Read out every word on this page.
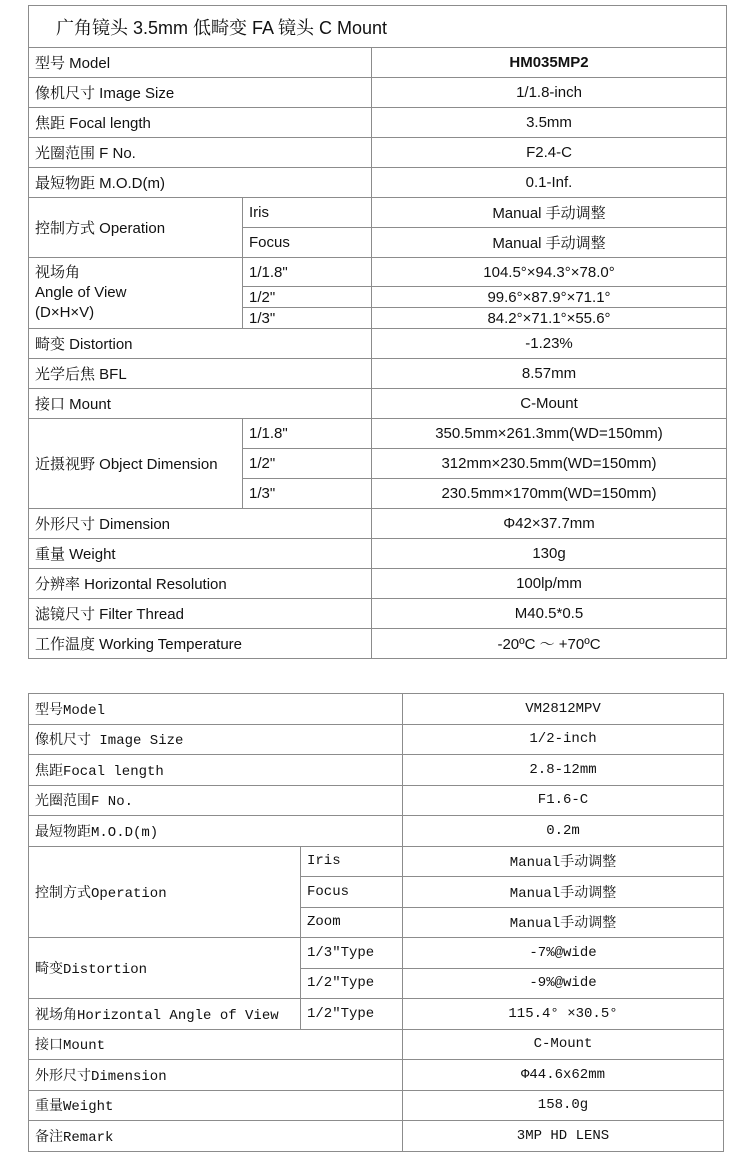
广角镜头 3.5mm 低畸变 FA 镜头 C Mount		
型号 Model		HM035MP2
像机尺寸 Image Size		1/1.8-inch
焦距 Focal length		3.5mm
光圈范围 F No.		F2.4-C
最短物距 M.O.D(m)		0.1-Inf.
控制方式 Operation	Iris	Manual 手动调整
	Focus	Manual 手动调整

视场角
Angle of View
(D×H×V)	1/1.8"	104.5°×94.3°×78.0°
	1/2"	99.6°×87.9°×71.1°
	1/3"	84.2°×71.1°×55.6°
畸变 Distortion		-1.23%
光学后焦 BFL		8.57mm
接口 Mount		C-Mount
近摄视野 Object Dimension	1/1.8"	350.5mm×261.3mm(WD=150mm)
	1/2"	312mm×230.5mm(WD=150mm)
	1/3"	230.5mm×170mm(WD=150mm)
外形尺寸 Dimension		Φ42×37.7mm
重量 Weight		130g
分辨率 Horizontal Resolution		100lp/mm
滤镜尺寸 Filter Thread		M40.5*0.5
工作温度 Working Temperature		-20ºC ～ +70ºC
型号Model		VM2812MPV
像机尺寸 Image Size		1/2-inch
焦距Focal length		2.8-12mm
光圈范围F No.		F1.6-C
最短物距M.O.D(m)		0.2m
控制方式Operation	Iris	Manual手动调整
	Focus	Manual手动调整
	Zoom	Manual手动调整
畸变Distortion	1/3″Type	-7%@wide
	1/2″Type	-9%@wide
视场角Horizontal Angle of View	1/2″Type	115.4° ×30.5°
接口Mount		C-Mount
外形尺寸Dimension		Φ44.6x62mm
重量Weight		158.0g
备注Remark		3MP HD LENS
